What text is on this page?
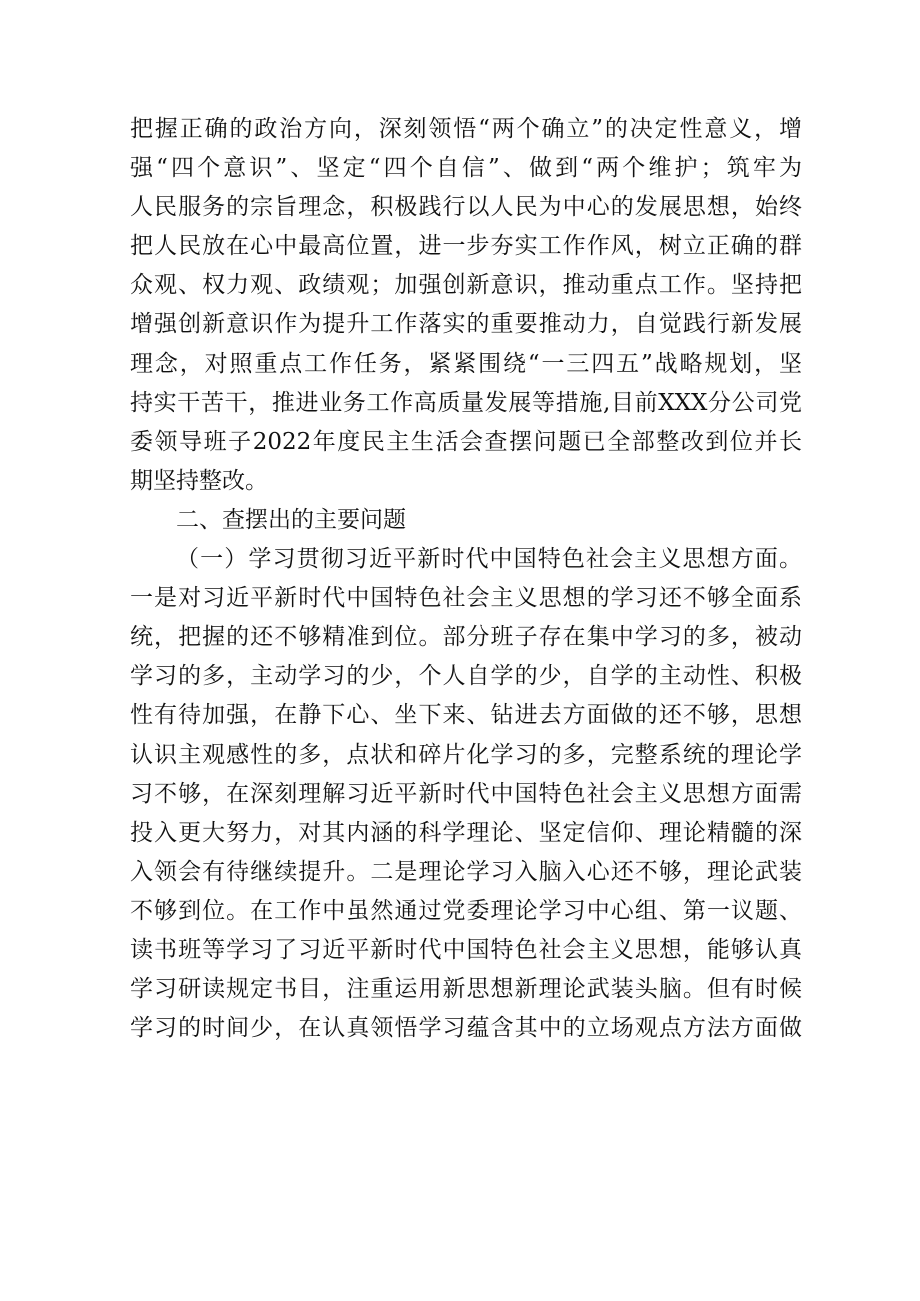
把握正确的政治方向，深刻领悟“两个确立”的决定性意义，增
强“四个意识”、坚定“四个自信”、做到“两个维护；筑牢为
人民服务的宗旨理念，积极践行以人民为中心的发展思想，始终
把人民放在心中最高位置，进一步夯实工作作风，树立正确的群
众观、权力观、政绩观；加强创新意识，推动重点工作。坚持把
增强创新意识作为提升工作落实的重要推动力，自觉践行新发展
理念，对照重点工作任务，紧紧围绕“一三四五”战略规划，坚
持实干苦干，推进业务工作高质量发展等措施,目前XXX分公司党
委领导班子2022年度民主生活会查摆问题已全部整改到位并长
期坚持整改。
二、查摆出的主要问题
（一）学习贯彻习近平新时代中国特色社会主义思想方面。
一是对习近平新时代中国特色社会主义思想的学习还不够全面系
统，把握的还不够精准到位。部分班子存在集中学习的多，被动
学习的多，主动学习的少，个人自学的少，自学的主动性、积极
性有待加强，在静下心、坐下来、钻进去方面做的还不够，思想
认识主观感性的多，点状和碎片化学习的多，完整系统的理论学
习不够，在深刻理解习近平新时代中国特色社会主义思想方面需
投入更大努力，对其内涵的科学理论、坚定信仰、理论精髓的深
入领会有待继续提升。二是理论学习入脑入心还不够，理论武装
不够到位。在工作中虽然通过党委理论学习中心组、第一议题、
读书班等学习了习近平新时代中国特色社会主义思想，能够认真
学习研读规定书目，注重运用新思想新理论武装头脑。但有时候
学习的时间少，在认真领悟学习蕴含其中的立场观点方法方面做
